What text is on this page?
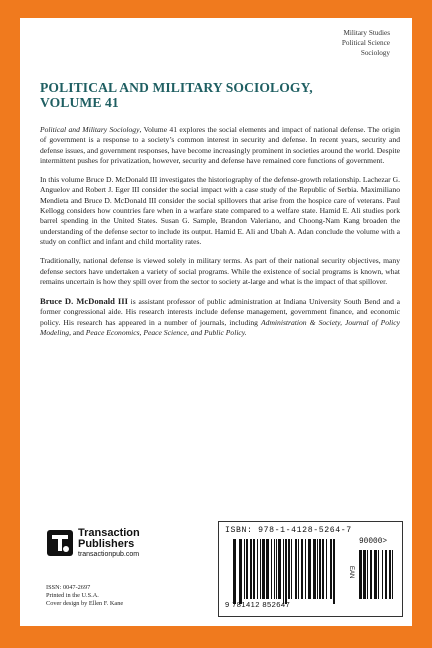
Military Studies
Political Science
Sociology
POLITICAL AND MILITARY SOCIOLOGY,
VOLUME 41

Political and Military Sociology, Volume 41 explores the social elements and impact of national defense. The origin of government is a response to a society’s common interest in security and defense. In recent years, security and defense issues, and government responses, have become increasingly prominent in societies around the world. Despite intermittent pushes for privatization, however, security and defense have remained core functions of government.

In this volume Bruce D. McDonald III investigates the historiography of the defense-growth relationship. Lachezar G. Anguelov and Robert J. Eger III consider the social impact with a case study of the Republic of Serbia. Maximiliano Mendieta and Bruce D. McDonald III consider the social spillovers that arise from the hospice care of veterans. Paul Kellogg considers how countries fare when in a warfare state compared to a welfare state. Hamid E. Ali studies pork barrel spending in the United States. Susan G. Sample, Brandon Valeriano, and Choong-Nam Kang broaden the understanding of the defense sector to include its output. Hamid E. Ali and Ubah A. Adan conclude the volume with a study on conflict and infant and child mortality rates.

Traditionally, national defense is viewed solely in military terms. As part of their national security objectives, many defense sectors have undertaken a variety of social programs. While the existence of social programs is known, what remains uncertain is how they spill over from the sector to society at-large and what is the impact of that spillover.

Bruce D. McDonald III is assistant professor of public administration at Indiana University South Bend and a former congressional aide. His research interests include defense management, government finance, and economic policy. His research has appeared in a number of journals, including Administration & Society, Journal of Policy Modeling, and Peace Economics, Peace Science, and Public Policy.

Transaction
Publishers
transactionpub.com
ISSN: 0047-2697
Printed in the U.S.A.
Cover design by Ellen F. Kane
ISBN: 978-1-4128-5264-7
90000>
EAN
9 781412 852647
